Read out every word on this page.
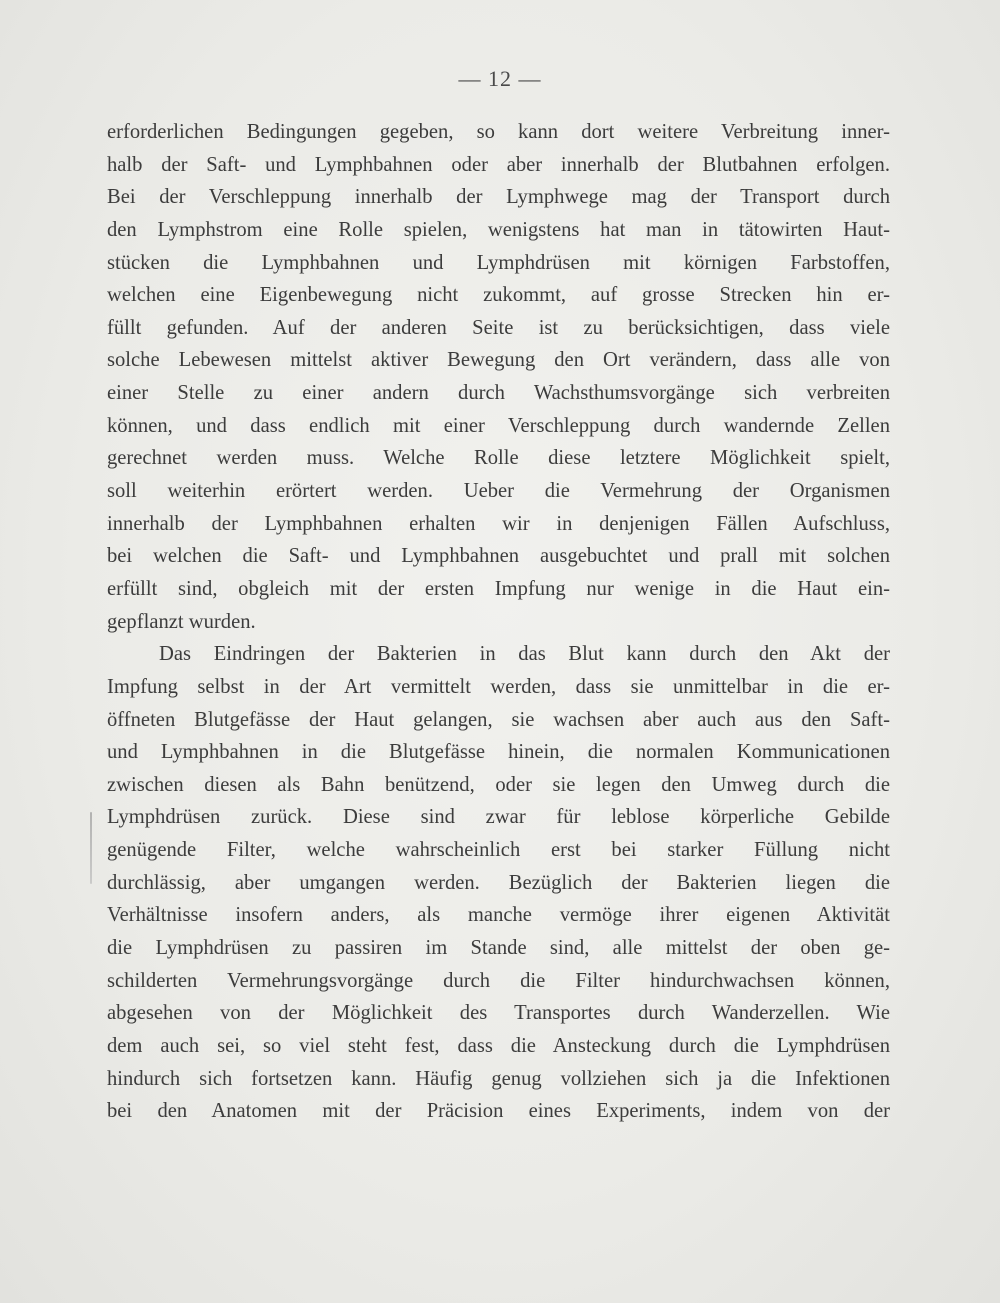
— 12 —
erforderlichen Bedingungen gegeben, so kann dort weitere Verbreitung inner-
halb der Saft- und Lymphbahnen oder aber innerhalb der Blutbahnen erfolgen.
Bei der Verschleppung innerhalb der Lymphwege mag der Transport durch
den Lymphstrom eine Rolle spielen, wenigstens hat man in tätowirten Haut-
stücken die Lymphbahnen und Lymphdrüsen mit körnigen Farbstoffen,
welchen eine Eigenbewegung nicht zukommt, auf grosse Strecken hin er-
füllt gefunden. Auf der anderen Seite ist zu berücksichtigen, dass viele
solche Lebewesen mittelst aktiver Bewegung den Ort verändern, dass alle von
einer Stelle zu einer andern durch Wachsthumsvorgänge sich verbreiten
können, und dass endlich mit einer Verschleppung durch wandernde Zellen
gerechnet werden muss. Welche Rolle diese letztere Möglichkeit spielt,
soll weiterhin erörtert werden. Ueber die Vermehrung der Organismen
innerhalb der Lymphbahnen erhalten wir in denjenigen Fällen Aufschluss,
bei welchen die Saft- und Lymphbahnen ausgebuchtet und prall mit solchen
erfüllt sind, obgleich mit der ersten Impfung nur wenige in die Haut ein-
gepflanzt wurden.
Das Eindringen der Bakterien in das Blut kann durch den Akt der
Impfung selbst in der Art vermittelt werden, dass sie unmittelbar in die er-
öffneten Blutgefässe der Haut gelangen, sie wachsen aber auch aus den Saft-
und Lymphbahnen in die Blutgefässe hinein, die normalen Kommunicationen
zwischen diesen als Bahn benützend, oder sie legen den Umweg durch die
Lymphdrüsen zurück. Diese sind zwar für leblose körperliche Gebilde
genügende Filter, welche wahrscheinlich erst bei starker Füllung nicht
durchlässig, aber umgangen werden. Bezüglich der Bakterien liegen die
Verhältnisse insofern anders, als manche vermöge ihrer eigenen Aktivität
die Lymphdrüsen zu passiren im Stande sind, alle mittelst der oben ge-
schilderten Vermehrungsvorgänge durch die Filter hindurchwachsen können,
abgesehen von der Möglichkeit des Transportes durch Wanderzellen. Wie
dem auch sei, so viel steht fest, dass die Ansteckung durch die Lymphdrüsen
hindurch sich fortsetzen kann. Häufig genug vollziehen sich ja die Infektionen
bei den Anatomen mit der Präcision eines Experiments, indem von der
